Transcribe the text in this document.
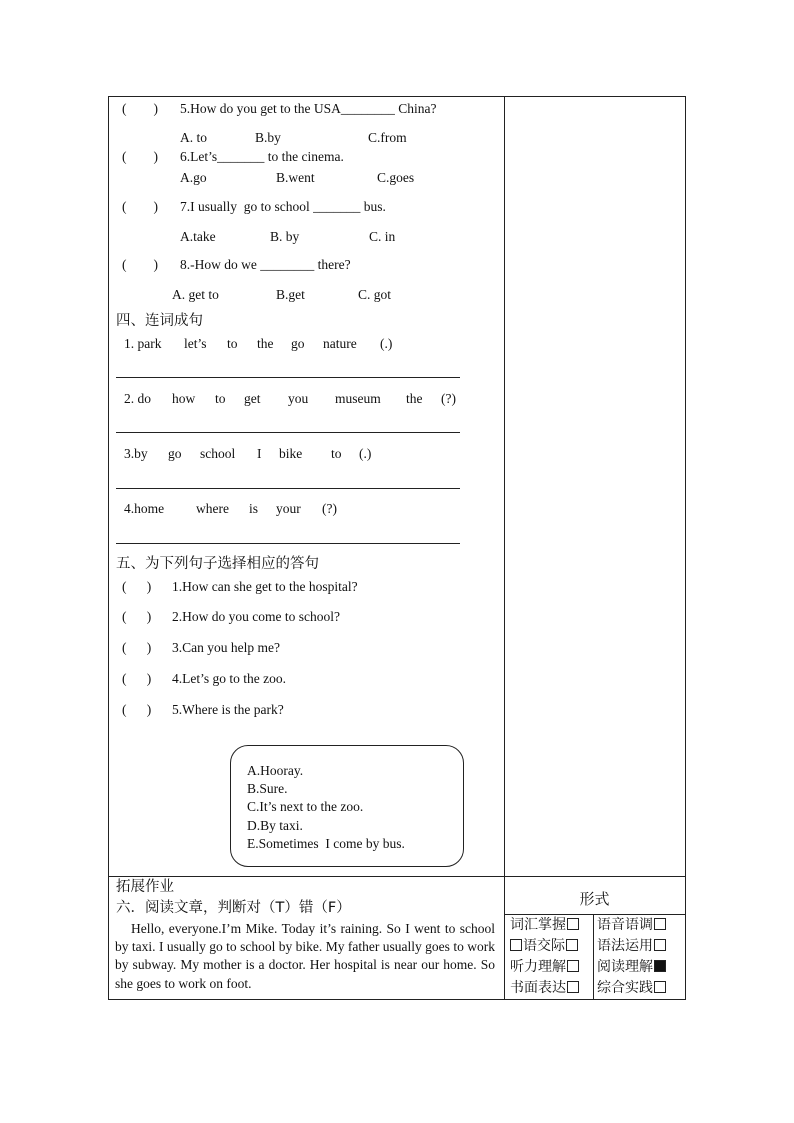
(        ) 5.How do you get to the USA________ China?
A. to	B.by	C.from
(        ) 6.Let’s_______ to the cinema.
A.go	B.went	C.goes
(        ) 7.I usually  go to school _______ bus.
A.take	B. by	C. in
(        ) 8.-How do we ________ there?
A. get to	B.get	C. got
四、连词成句
1. park let’s to the go nature (.)
2. do how to get you museum the (?)
3.by go school I bike to (.)
4.home where is your (?)
五、为下列句子选择相应的答句
(      ) 1.How can she get to the hospital?
(      ) 2.How do you come to school?
(      ) 3.Can you help me?
(      ) 4.Let’s go to the zoo.
(      ) 5.Where is the park?
A.Hooray.
B.Sure.
C.It’s next to the zoo.
D.By taxi.
E.Sometimes  I come by bus.
拓展作业
六．阅读文章，判断对（T）错（F）
Hello, everyone.I’m Mike. Today it’s raining. So I went to school by taxi. I usually go to school by bike. My father usually goes to work by subway. My mother is a doctor. Her hospital is near our home. So she goes to work on foot.
形式
词汇掌握	语音语调
语交际	语法运用
听力理解	阅读理解
书面表达	综合实践
